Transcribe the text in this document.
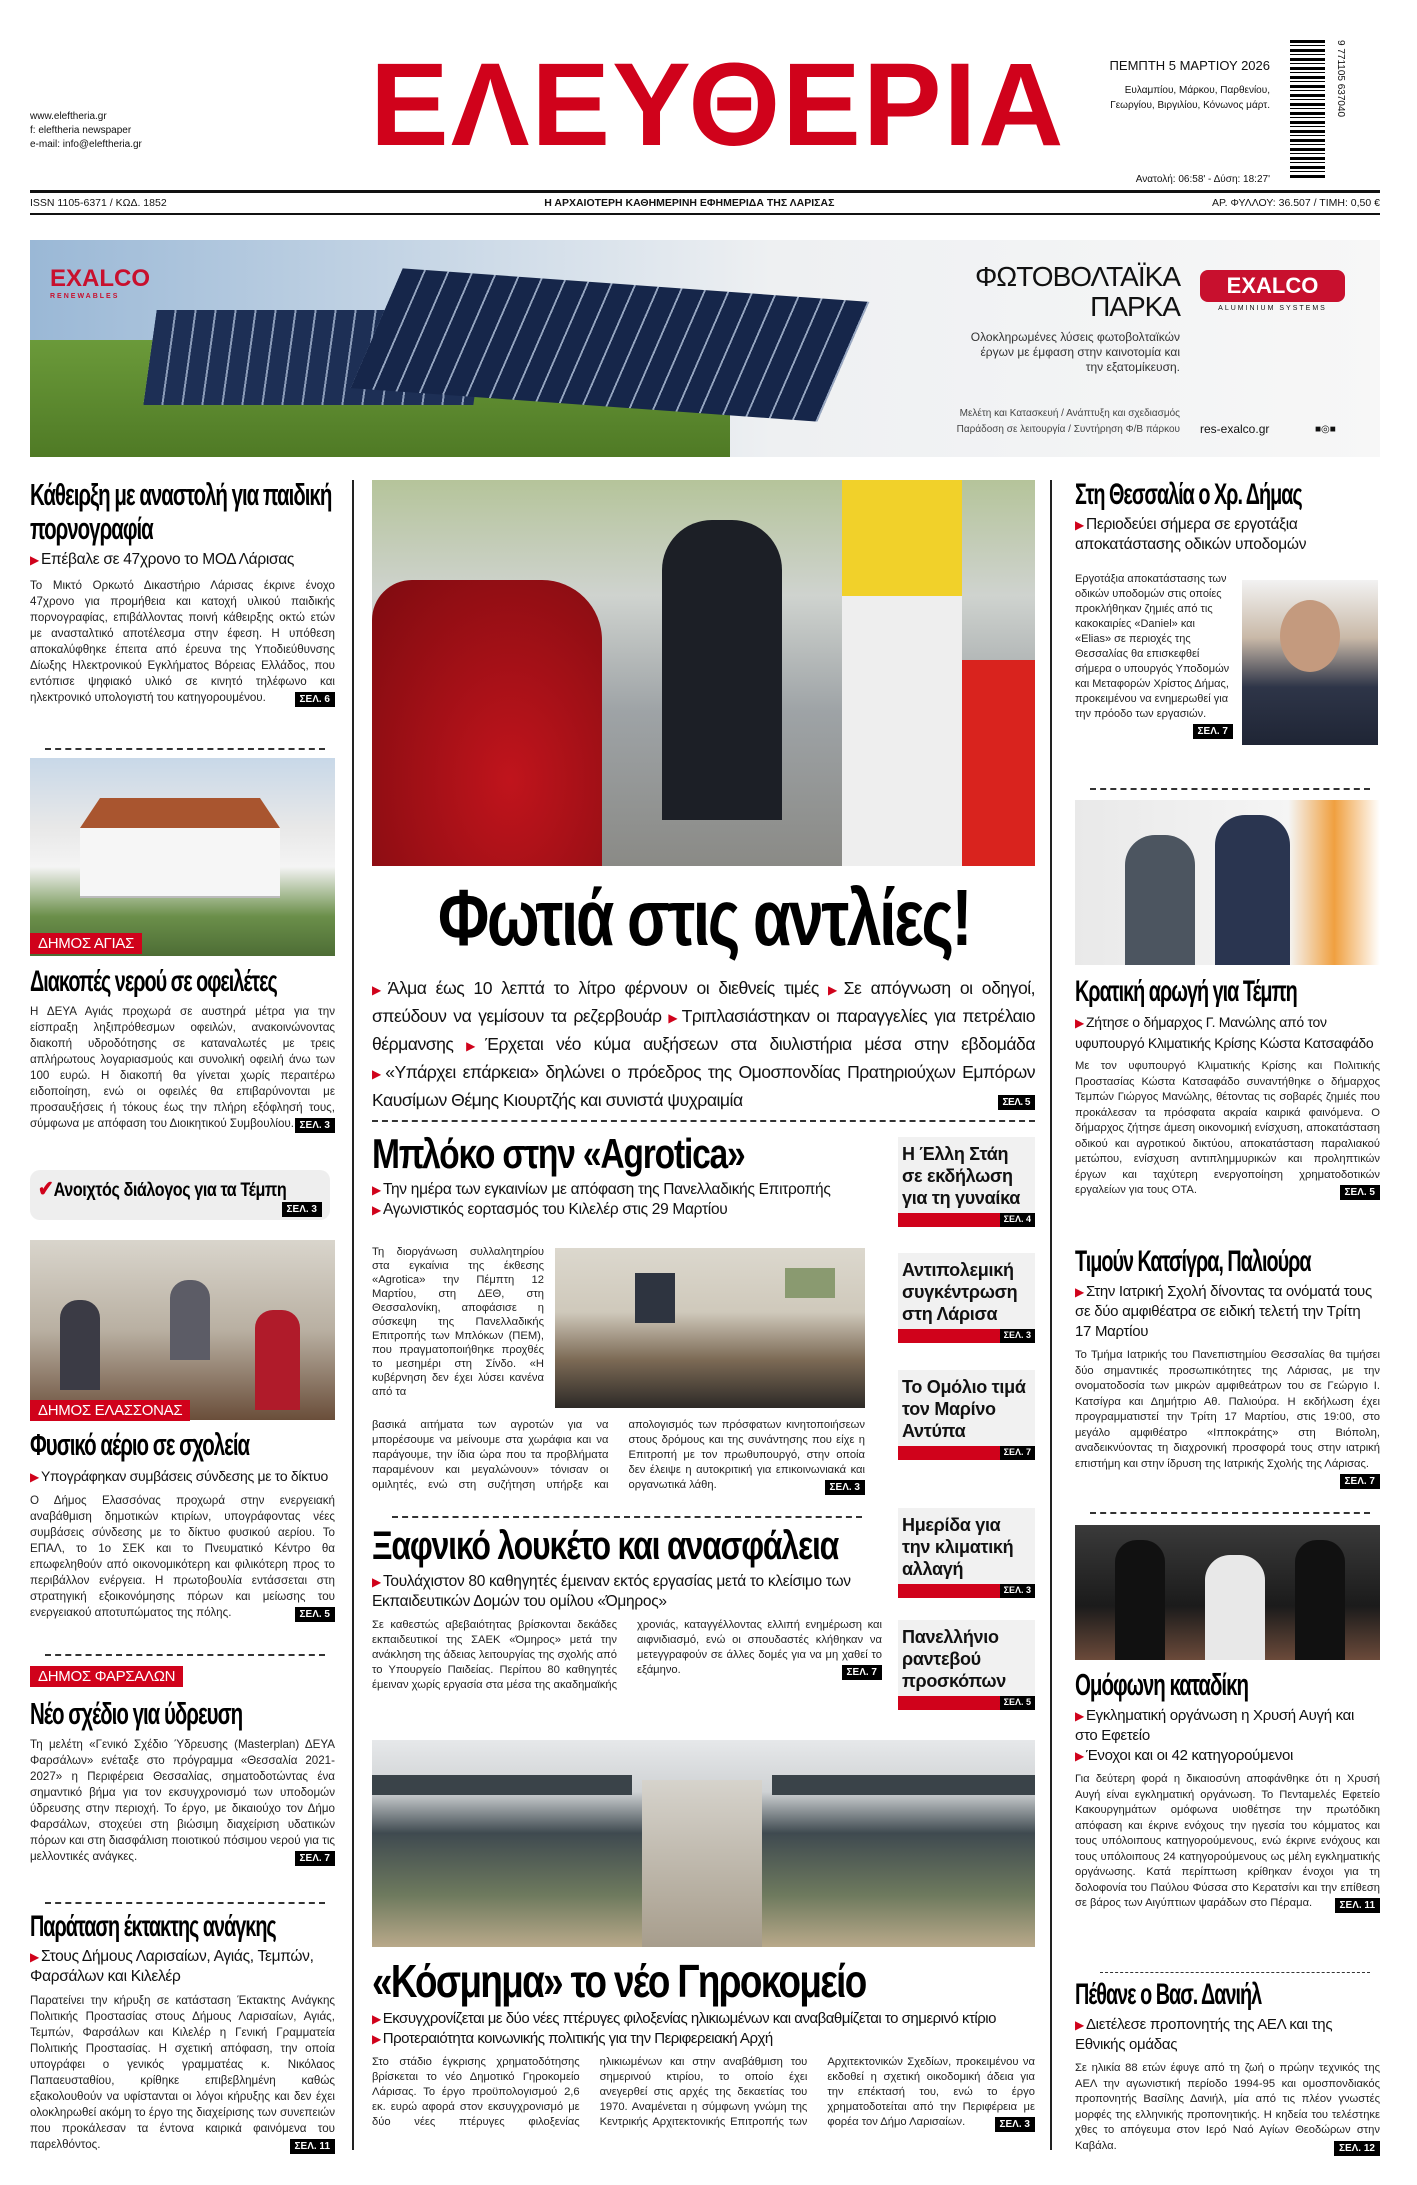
www.eleftheria.gr
f: eleftheria newspaper
e-mail: info@eleftheria.gr ΕΛΕΥΘΕΡΙΑ	ΠΕΜΠΤΗ 5 ΜΑΡΤΙΟΥ 2026
Ευλαμπίου, Μάρκου, Παρθενίου, Γεωργίου, Βιργιλίου, Κόνωνος μάρτ.
Ανατολή: 06:58' - Δύση: 18:27'
9 771105 637040
ISSN 1105-6371 / ΚΩΔ. 1852	Η ΑΡΧΑΙΟΤΕΡΗ ΚΑΘΗΜΕΡΙΝΗ ΕΦΗΜΕΡΙΔΑ ΤΗΣ ΛΑΡΙΣΑΣ	ΑΡ. ΦΥΛΛΟΥ: 36.507 / ΤΙΜΗ: 0,50 €
EXALCO
RENEWABLES
ΦΩΤΟΒΟΛΤΑΪΚΑ ΠΑΡΚΑ
Ολοκληρωμένες λύσεις φωτοβολταϊκών έργων με έμφαση στην καινοτομία και την εξατομίκευση.
Μελέτη και Κατασκευή / Ανάπτυξη και σχεδιασμός
Παράδοση σε λειτουργία / Συντήρηση Φ/Β πάρκου res-exalco.gr	■◎■
EXALCO
ALUMINIUM SYSTEMS
Κάθειρξη με αναστολή για παιδική πορνογραφία
▶ Επέβαλε σε 47χρονο το ΜΟΔ Λάρισας
Το Μικτό Ορκωτό Δικαστήριο Λάρισας έκρινε ένοχο 47χρονο για προμήθεια και κατοχή υλικού παιδικής πορνογραφίας, επιβάλλοντας ποινή κάθειρξης οκτώ ετών με ανασταλτικό αποτέλεσμα στην έφεση. Η υπόθεση αποκαλύφθηκε έπειτα από έρευνα της Υποδιεύθυνσης Δίωξης Ηλεκτρονικού Εγκλήματος Βόρειας Ελλάδος, που εντόπισε ψηφιακό υλικό σε κινητό τηλέφωνο και ηλεκτρονικό υπολογιστή του κατηγορουμένου.	ΣΕΛ. 6
ΔΗΜΟΣ ΑΓΙΑΣ
Διακοπές νερού σε οφειλέτες
Η ΔΕΥΑ Αγιάς προχωρά σε αυστηρά μέτρα για την είσπραξη ληξιπρόθεσμων οφειλών, ανακοινώνοντας διακοπή υδροδότησης σε καταναλωτές με τρεις απλήρωτους λογαριασμούς και συνολική οφειλή άνω των 100 ευρώ. Η διακοπή θα γίνεται χωρίς περαιτέρω ειδοποίηση, ενώ οι οφειλές θα επιβαρύνονται με προσαυξήσεις ή τόκους έως την πλήρη εξόφλησή τους, σύμφωνα με απόφαση του Διοικητικού Συμβουλίου. ΣΕΛ. 3
✔Ανοιχτός διάλογος για τα Τέμπη
ΣΕΛ. 3
ΔΗΜΟΣ ΕΛΑΣΣΟΝΑΣ
Φυσικό αέριο σε σχολεία
▶ Υπογράφηκαν συμβάσεις σύνδεσης με το δίκτυο
Ο Δήμος Ελασσόνας προχωρά στην ενεργειακή αναβάθμιση δημοτικών κτιρίων, υπογράφοντας νέες συμβάσεις σύνδεσης με το δίκτυο φυσικού αερίου. Το ΕΠΑΛ, το 1ο ΣΕΚ και το Πνευματικό Κέντρο θα επωφεληθούν από οικονομικότερη και φιλικότερη προς το περιβάλλον ενέργεια. Η πρωτοβουλία εντάσσεται στη στρατηγική εξοικονόμησης πόρων και μείωσης του ενεργειακού αποτυπώματος της πόλης.	ΣΕΛ. 5
ΔΗΜΟΣ ΦΑΡΣΑΛΩΝ
Νέο σχέδιο για ύδρευση
Τη μελέτη «Γενικό Σχέδιο Ύδρευσης (Masterplan) ΔΕΥΑ Φαρσάλων» ενέταξε στο πρόγραμμα «Θεσσαλία 2021-2027» η Περιφέρεια Θεσσαλίας, σηματοδοτώντας ένα σημαντικό βήμα για τον εκσυγχρονισμό των υποδομών ύδρευσης στην περιοχή. Το έργο, με δικαιούχο τον Δήμο Φαρσάλων, στοχεύει στη βιώσιμη διαχείριση υδατικών πόρων και στη διασφάλιση ποιοτικού πόσιμου νερού για τις μελλοντικές ανάγκες.	ΣΕΛ. 7
Παράταση έκτακτης ανάγκης
▶ Στους Δήμους Λαρισαίων, Αγιάς, Τεμπών, Φαρσάλων και Κιλελέρ
Παρατείνει την κήρυξη σε κατάσταση Έκτακτης Ανάγκης Πολιτικής Προστασίας στους Δήμους Λαρισαίων, Αγιάς, Τεμπών, Φαρσάλων και Κιλελέρ η Γενική Γραμματεία Πολιτικής Προστασίας. Η σχετική απόφαση, την οποία υπογράφει ο γενικός γραμματέας κ. Νικόλαος Παπαευσταθίου, κρίθηκε επιβεβλημένη καθώς εξακολουθούν να υφίστανται οι λόγοι κήρυξης και δεν έχει ολοκληρωθεί ακόμη το έργο της διαχείρισης των συνεπειών που προκάλεσαν τα έντονα καιρικά φαινόμενα του παρελθόντος.	ΣΕΛ. 11
Φωτιά στις αντλίες!
▶ Άλμα έως 10 λεπτά το λίτρο φέρνουν οι διεθνείς τιμές ▶ Σε απόγνωση οι οδηγοί, σπεύδουν να γεμίσουν τα ρεζερβουάρ ▶ Τριπλασιάστηκαν οι παραγγελίες για πετρέλαιο θέρμανσης ▶ Έρχεται νέο κύμα αυξήσεων στα διυλιστήρια μέσα στην εβδομάδα ▶ «Υπάρχει επάρκεια» δηλώνει ο πρόεδρος της Ομοσπονδίας Πρατηριούχων Εμπόρων Καυσίμων Θέμης Κιουρτζής και συνιστά ψυχραιμία	ΣΕΛ. 5
Μπλόκο στην «Agrotica»
▶ Την ημέρα των εγκαινίων με απόφαση της Πανελλαδικής Επιτροπής ▶ Αγωνιστικός εορτασμός του Κιλελέρ στις 29 Μαρτίου
Τη διοργάνωση συλλαλητηρίου στα εγκαίνια της έκθεσης «Agrotica» την Πέμπτη 12 Μαρτίου, στη ΔΕΘ, στη Θεσσαλονίκη, αποφάσισε η σύσκεψη της Πανελλαδικής Επιτροπής των Μπλόκων (ΠΕΜ), που πραγματοποιήθηκε προχθές το μεσημέρι στη Σίνδο. «Η κυβέρνηση δεν έχει λύσει κανένα από τα
βασικά αιτήματα των αγροτών για να μπορέσουμε να μείνουμε στα χωράφια και να παράγουμε, την ίδια ώρα που τα προβλήματα παραμένουν και μεγαλώνουν» τόνισαν οι ομιλητές, ενώ στη συζήτηση υπήρξε και απολογισμός των πρόσφατων κινητοποιήσεων στους δρόμους και της συνάντησης που είχε η Επιτροπή με τον πρωθυπουργό, στην οποία δεν έλειψε η αυτοκριτική για επικοινωνιακά και οργανωτικά λάθη.	ΣΕΛ. 3
Ξαφνικό λουκέτο και ανασφάλεια
▶ Τουλάχιστον 80 καθηγητές έμειναν εκτός εργασίας μετά το κλείσιμο των Εκπαιδευτικών Δομών του ομίλου «Όμηρος»
Σε καθεστώς αβεβαιότητας βρίσκονται δεκάδες εκπαιδευτικοί της ΣΑΕΚ «Όμηρος» μετά την ανάκληση της άδειας λειτουργίας της σχολής από το Υπουργείο Παιδείας. Περίπου 80 καθηγητές έμειναν χωρίς εργασία στα μέσα της ακαδημαϊκής χρονιάς, καταγγέλλοντας ελλιπή ενημέρωση και αιφνιδιασμό, ενώ οι σπουδαστές κλήθηκαν να μετεγγραφούν σε άλλες δομές για να μη χαθεί το εξάμηνο.	ΣΕΛ. 7
Η Έλλη Στάη σε εκδήλωση για τη γυναίκα
ΣΕΛ. 4
Αντιπολεμική συγκέντρωση στη Λάρισα
ΣΕΛ. 3
Το Ομόλιο τιμά τον Μαρίνο Αντύπα
ΣΕΛ. 7
Ημερίδα για την κλιματική αλλαγή
ΣΕΛ. 3
Πανελλήνιο ραντεβού προσκόπων
ΣΕΛ. 5
«Κόσμημα» το νέο Γηροκομείο
▶ Εκσυγχρονίζεται με δύο νέες πτέρυγες φιλοξενίας ηλικιωμένων και αναβαθμίζεται το σημερινό κτίριο ▶ Προτεραιότητα κοινωνικής πολιτικής για την Περιφερειακή Αρχή
Στο στάδιο έγκρισης χρηματοδότησης βρίσκεται το νέο Δημοτικό Γηροκομείο Λάρισας. Το έργο προϋπολογισμού 2,6 εκ. ευρώ αφορά στον εκσυγχρονισμό με δύο νέες πτέρυγες φιλοξενίας ηλικιωμένων και στην αναβάθμιση του σημερινού κτιρίου, το οποίο έχει ανεγερθεί στις αρχές της δεκαετίας του 1970. Αναμένεται η σύμφωνη γνώμη της Κεντρικής Αρχιτεκτονικής Επιτροπής των Αρχιτεκτονικών Σχεδίων, προκειμένου να εκδοθεί η σχετική οικοδομική άδεια για την επέκτασή του, ενώ το έργο χρηματοδοτείται από την Περιφέρεια με φορέα τον Δήμο Λαρισαίων.	ΣΕΛ. 3
Στη Θεσσαλία ο Χρ. Δήμας
▶ Περιοδεύει σήμερα σε εργοτάξια αποκατάστασης οδικών υποδομών
Εργοτάξια αποκατάστασης των οδικών υποδομών στις οποίες προκλήθηκαν ζημιές από τις κακοκαιρίες «Daniel» και «Elias» σε περιοχές της Θεσσαλίας θα επισκεφθεί σήμερα ο υπουργός Υποδομών και Μεταφορών Χρίστος Δήμας, προκειμένου να ενημερωθεί για την πρόοδο των εργασιών.
ΣΕΛ. 7
Κρατική αρωγή για Τέμπη
▶ Ζήτησε ο δήμαρχος Γ. Μανώλης από τον υφυπουργό Κλιματικής Κρίσης Κώστα Κατσαφάδο
Με τον υφυπουργό Κλιματικής Κρίσης και Πολιτικής Προστασίας Κώστα Κατσαφάδο συναντήθηκε ο δήμαρχος Τεμπών Γιώργος Μανώλης, θέτοντας τις σοβαρές ζημιές που προκάλεσαν τα πρόσφατα ακραία καιρικά φαινόμενα. Ο δήμαρχος ζήτησε άμεση οικονομική ενίσχυση, αποκατάσταση οδικού και αγροτικού δικτύου, αποκατάσταση παραλιακού μετώπου, ενίσχυση αντιπλημμυρικών και προληπτικών έργων και ταχύτερη ενεργοποίηση χρηματοδοτικών εργαλείων για τους ΟΤΑ.	ΣΕΛ. 5
Τιμούν Κατσίγρα, Παλιούρα
▶ Στην Ιατρική Σχολή δίνοντας τα ονόματά τους σε δύο αμφιθέατρα σε ειδική τελετή την Τρίτη 17 Μαρτίου
Το Τμήμα Ιατρικής του Πανεπιστημίου Θεσσαλίας θα τιμήσει δύο σημαντικές προσωπικότητες της Λάρισας, με την ονοματοδοσία των μικρών αμφιθεάτρων του σε Γεώργιο Ι. Κατσίγρα και Δημήτριο Αθ. Παλιούρα. Η εκδήλωση έχει προγραμματιστεί την Τρίτη 17 Μαρτίου, στις 19:00, στο μεγάλο αμφιθέατρο «Ιπποκράτης» στη Βιόπολη, αναδεικνύοντας τη διαχρονική προσφορά τους στην ιατρική επιστήμη και στην ίδρυση της Ιατρικής Σχολής της Λάρισας.
ΣΕΛ. 7
Ομόφωνη καταδίκη
▶ Εγκληματική οργάνωση η Χρυσή Αυγή και στο Εφετείο
▶ Ένοχοι και οι 42 κατηγορούμενοι
Για δεύτερη φορά η δικαιοσύνη αποφάνθηκε ότι η Χρυσή Αυγή είναι εγκληματική οργάνωση. Το Πενταμελές Εφετείο Κακουργημάτων ομόφωνα υιοθέτησε την πρωτόδικη απόφαση και έκρινε ενόχους την ηγεσία του κόμματος και τους υπόλοιπους κατηγορούμενους, ενώ έκρινε ενόχους και τους υπόλοιπους 24 κατηγορούμενους ως μέλη εγκληματικής οργάνωσης. Κατά περίπτωση κρίθηκαν ένοχοι για τη δολοφονία του Παύλου Φύσσα στο Κερατσίνι και την επίθεση σε βάρος των Αιγύπτιων ψαράδων στο Πέραμα.	ΣΕΛ. 11
Πέθανε ο Βασ. Δανιήλ
▶ Διετέλεσε προπονητής της ΑΕΛ και της Εθνικής ομάδας
Σε ηλικία 88 ετών έφυγε από τη ζωή ο πρώην τεχνικός της ΑΕΛ την αγωνιστική περίοδο 1994-95 και ομοσπονδιακός προπονητής Βασίλης Δανιήλ, μία από τις πλέον γνωστές μορφές της ελληνικής προπονητικής. Η κηδεία του τελέστηκε χθες το απόγευμα στον Ιερό Ναό Αγίων Θεοδώρων στην Καβάλα.	ΣΕΛ. 12
